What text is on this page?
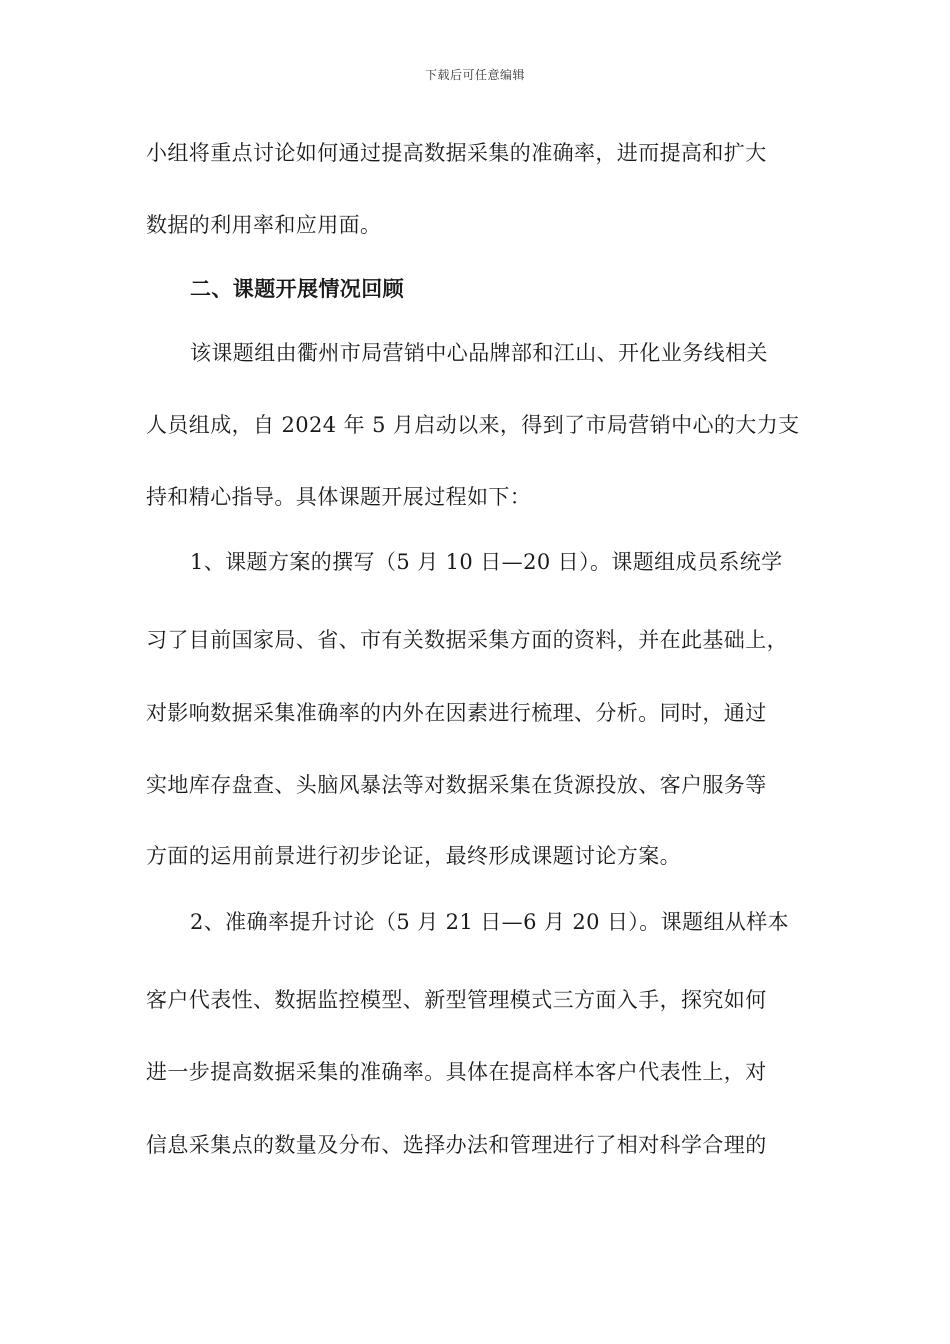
下载后可任意编辑
小组将重点讨论如何通过提高数据采集的准确率，进而提高和扩大
数据的利用率和应用面。
二、课题开展情况回顾
该课题组由衢州市局营销中心品牌部和江山、开化业务线相关
人员组成，自 2024 年 5 月启动以来，得到了市局营销中心的大力支
持和精心指导。具体课题开展过程如下：
1、课题方案的撰写（5 月 10 日—20 日）。课题组成员系统学
习了目前国家局、省、市有关数据采集方面的资料，并在此基础上，
对影响数据采集准确率的内外在因素进行梳理、分析。同时，通过
实地库存盘查、头脑风暴法等对数据采集在货源投放、客户服务等
方面的运用前景进行初步论证，最终形成课题讨论方案。
2、准确率提升讨论（5 月 21 日—6 月 20 日）。课题组从样本
客户代表性、数据监控模型、新型管理模式三方面入手，探究如何
进一步提高数据采集的准确率。具体在提高样本客户代表性上，对
信息采集点的数量及分布、选择办法和管理进行了相对科学合理的
